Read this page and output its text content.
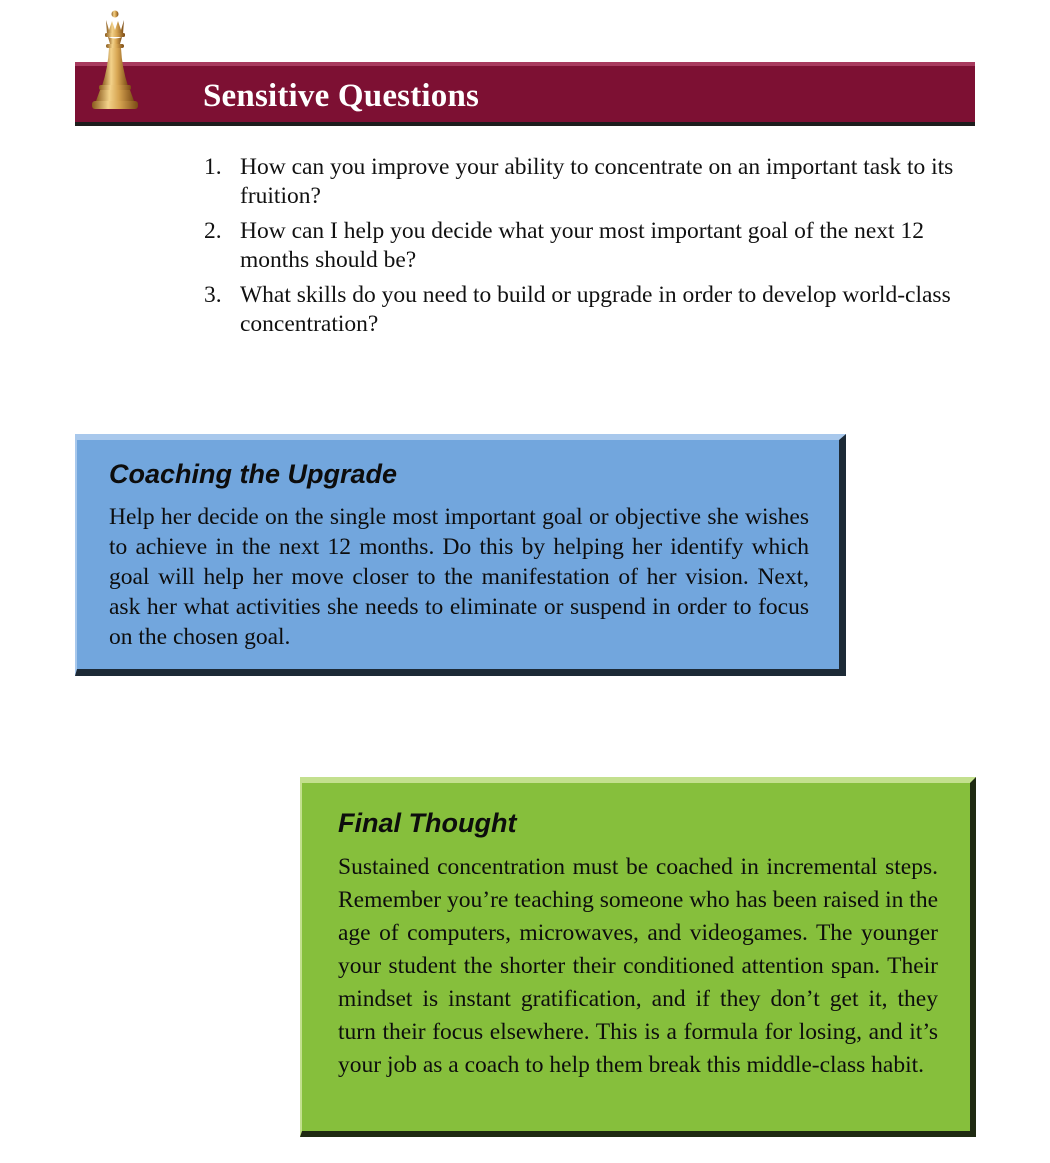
Sensitive Questions
1. How can you improve your ability to concentrate on an important task to its fruition?
2. How can I help you decide what your most important goal of the next 12 months should be?
3. What skills do you need to build or upgrade in order to develop world-class concentration?
Coaching the Upgrade

Help her decide on the single most important goal or objective she wishes to achieve in the next 12 months. Do this by helping her identify which goal will help her move closer to the manifestation of her vision. Next, ask her what activities she needs to eliminate or suspend in order to focus on the chosen goal.

Final Thought

Sustained concentration must be coached in incremental steps. Remember you’re teaching someone who has been raised in the age of computers, microwaves, and videogames. The younger your student the shorter their conditioned attention span. Their mindset is instant gratification, and if they don’t get it, they turn their focus elsewhere. This is a formula for losing, and it’s your job as a coach to help them break this middle-class habit.
